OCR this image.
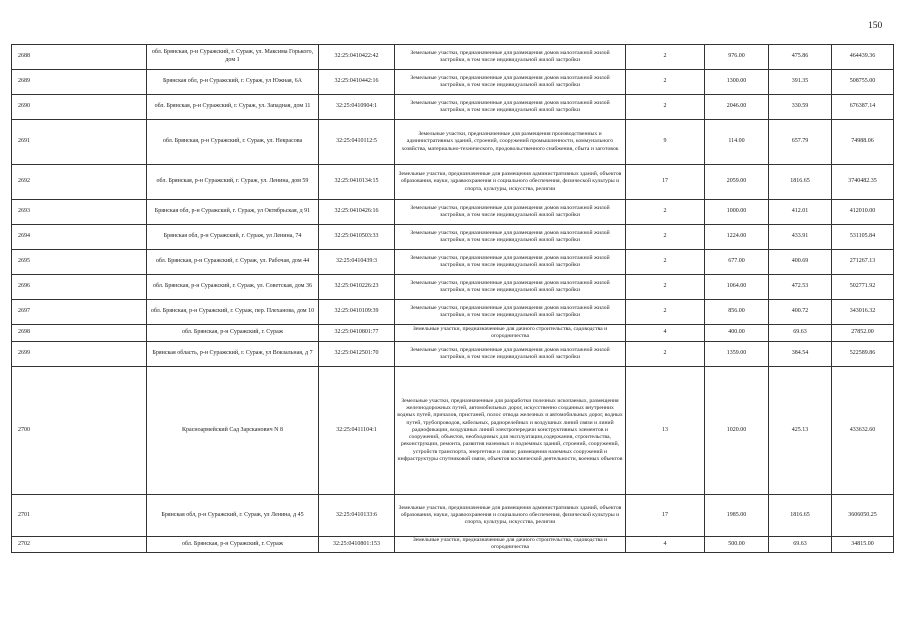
150
2688	обл. Брянская, р-н Суражский, г. Сураж, ул. Максима Горького, дом 1	32:25:0410422:42	Земельные участки, предназначенные для размещения домов малоэтажной жилой застройки, в том числе индивидуальной жилой застройки	2	976.00	475.86	464439.36
2689	Брянская обл, р-н Суражский, г. Сураж, ул Южная, 6А	32:25:0410442:16	Земельные участки, предназначенные для размещения домов малоэтажной жилой застройки, в том числе индивидуальной жилой застройки	2	1300.00	391.35	508755.00
2690	обл. Брянская, р-н Суражский, г. Сураж, ул. Западная, дом 11	32:25:0410904:1	Земельные участки, предназначенные для размещения домов малоэтажной жилой застройки, в том числе индивидуальной жилой застройки	2	2046.00	330.59	676387.14
2691	обл. Брянская, р-н Суражский, г. Сураж, ул. Некрасова	32:25:0410112:5	Земельные участки, предназначенные для размещения производственных и административных зданий, строений, сооружений промышленности, коммунального хозяйства, материально-технического, продовольственного снабжения, сбыта и заготовок	9	114.00	657.79	74988.06
2692	обл. Брянская, р-н Суражский, г. Сураж, ул. Ленина, дом 59	32:25:0410134:15	Земельные участки, предназначенные для размещения административных зданий, объектов образования, науки, здравоохранения и социального обеспечения, физической культуры и спорта, культуры, искусства, религии	17	2059.00	1816.65	3740482.35
2693	Брянская обл, р-н Суражский, г. Сураж, ул Октябрьская, д 91	32:25:0410426:16	Земельные участки, предназначенные для размещения домов малоэтажной жилой застройки, в том числе индивидуальной жилой застройки	2	1000.00	412.01	412010.00
2694	Брянская обл, р-н Суражский, г. Сураж, ул Ленина, 74	32:25:0410503:33	Земельные участки, предназначенные для размещения домов малоэтажной жилой застройки, в том числе индивидуальной жилой застройки	2	1224.00	433.91	531105.84
2695	обл. Брянская, р-н Суражский, г. Сураж, ул. Рабочая, дом 44	32:25:0410439:3	Земельные участки, предназначенные для размещения домов малоэтажной жилой застройки, в том числе индивидуальной жилой застройки	2	677.00	400.69	271267.13
2696	обл. Брянская, р-н Суражский, г. Сураж, ул. Советская, дом 36	32:25:0410226:23	Земельные участки, предназначенные для размещения домов малоэтажной жилой застройки, в том числе индивидуальной жилой застройки	2	1064.00	472.53	502771.92
2697	обл. Брянская, р-н Суражский, г. Сураж, пер. Плеханова, дом 10	32:25:0410109:39	Земельные участки, предназначенные для размещения домов малоэтажной жилой застройки, в том числе индивидуальной жилой застройки	2	856.00	400.72	343016.32
2698	обл. Брянская, р-н Суражский, г. Сураж	32:25:0410801:77	Земельные участки, предназначенные для дачного строительства, садоводства и огородничества	4	400.00	69.63	27852.00
2699	Брянская область, р-н Суражский, г. Сураж, ул Вокзальная, д 7	32:25:0412501:70	Земельные участки, предназначенные для размещения домов малоэтажной жилой застройки, в том числе индивидуальной жилой застройки	2	1359.00	384.54	522589.86
2700	Красноармейский Сад Зарсканович N 8	32:25:0411104:1	Земельные участки, предназначенные для разработки полезных ископаемых, размещения железнодорожных путей, автомобильных дорог, искусственно созданных внутренних водных путей, причалов, пристаней, полос отвода железных и автомобильных дорог, водных путей, трубопроводов, кабельных, радиорелейных и воздушных линий связи и линий радиофикации, воздушных линий электропередачи конструктивных элементов и сооружений, объектов, необходимых для эксплуатации,содержания, строительства, реконструкции, ремонта, развития наземных и подземных зданий, строений, сооружений, устройств транспорта, энергетики и связи; размещения наземных сооружений и инфраструктуры спутниковой связи, объектов космической деятельности, военных объектов	13	1020.00	425.13	433632.60
2701	Брянская обл, р-н Суражский, г. Сураж, ул Ленина, д 45	32:25:0410133:6	Земельные участки, предназначенные для размещения административных зданий, объектов образования, науки, здравоохранения и социального обеспечения, физической культуры и спорта, культуры, искусства, религии	17	1985.00	1816.65	3606050.25
2702	обл. Брянская, р-н Суражский, г. Сураж	32:25:0410801:153	Земельные участки, предназначенные для дачного строительства, садоводства и огородничества	4	500.00	69.63	34815.00
